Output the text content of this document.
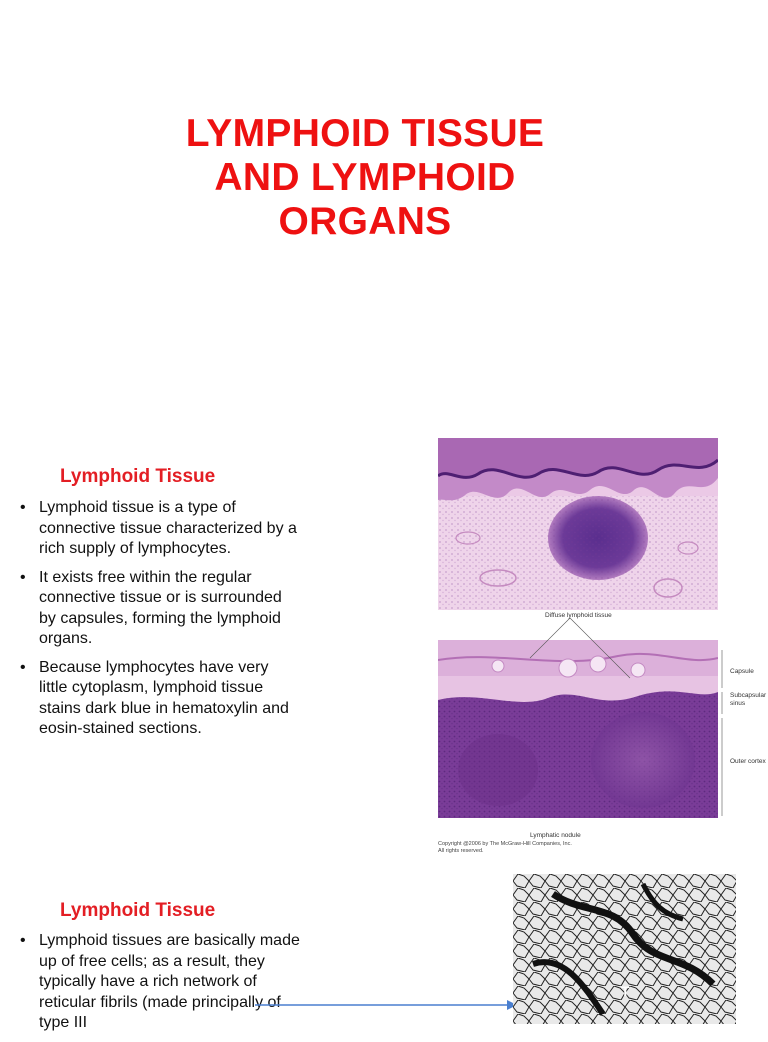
LYMPHOID TISSUE
AND LYMPHOID
ORGANS
Lymphoid Tissue
• Lymphoid tissue is a type of connective tissue characterized by a rich supply of lymphocytes.
• It exists free within the regular connective tissue or is surrounded by capsules, forming the lymphoid organs.
• Because lymphocytes have very little cytoplasm, lymphoid tissue stains dark blue in hematoxylin and eosin-stained sections.
Diffuse lymphoid tissue
Capsule
Subcapsular
sinus
Outer cortex
Lymphatic nodule
Copyright @2006 by The McGraw-Hill Companies, Inc.
All rights reserved.
Lymphoid Tissue
• Lymphoid tissues are basically made up of free cells; as a result, they typically have a rich network of reticular fibrils (made principally of type III
T
